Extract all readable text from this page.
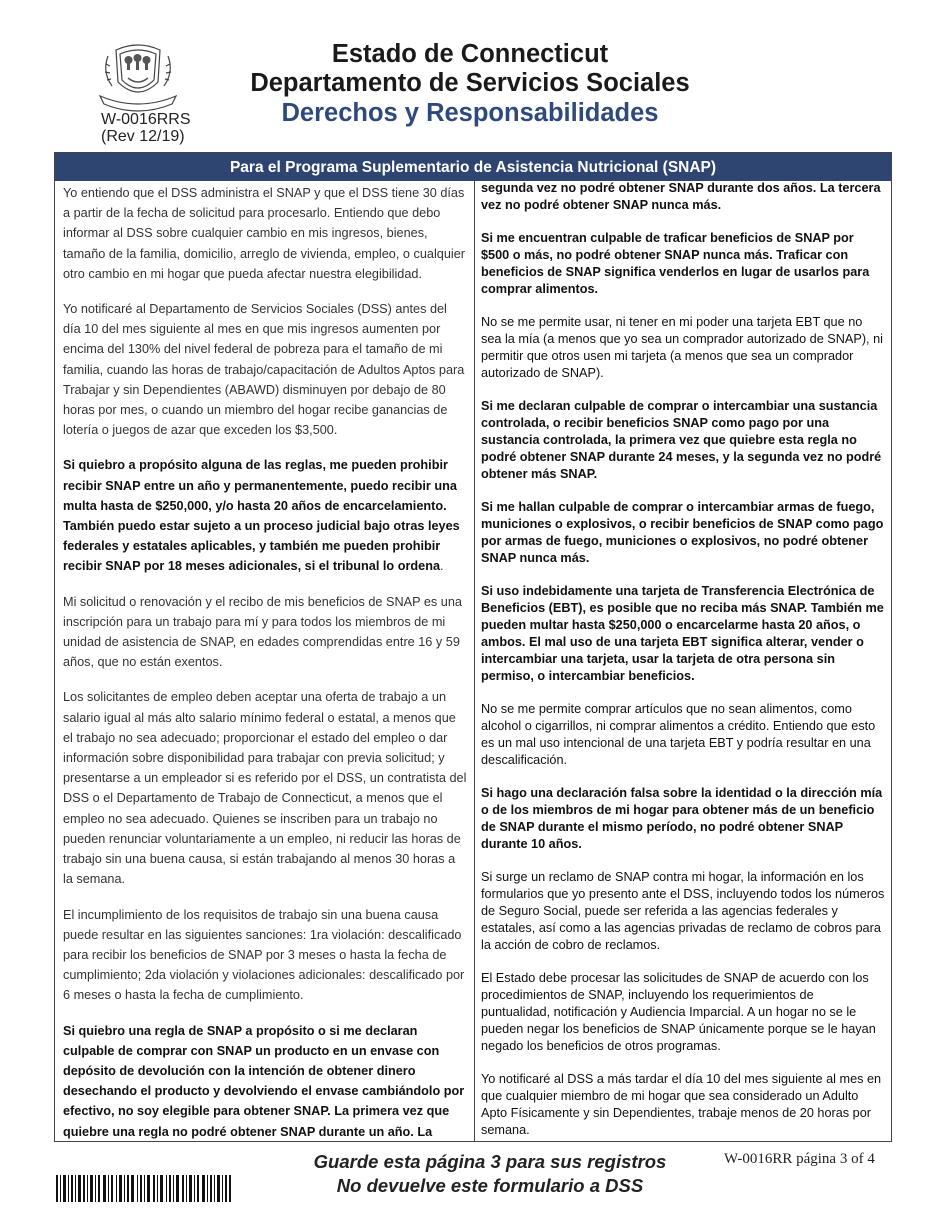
W-0016RRS
(Rev 12/19)
Estado de Connecticut
Departamento de Servicios Sociales
Derechos y Responsabilidades
Para el Programa Suplementario de Asistencia Nutricional (SNAP)

Yo entiendo que el DSS administra el SNAP y que el DSS tiene 30 días a partir de la fecha de solicitud para procesarlo. Entiendo que debo informar al DSS sobre cualquier cambio en mis ingresos, bienes, tamaño de la familia, domicilio, arreglo de vivienda, empleo, o cualquier otro cambio en mi hogar que pueda afectar nuestra elegibilidad.

Yo notificaré al Departamento de Servicios Sociales (DSS) antes del día 10 del mes siguiente al mes en que mis ingresos aumenten por encima del 130% del nivel federal de pobreza para el tamaño de mi familia, cuando las horas de trabajo/capacitación de Adultos Aptos para Trabajar y sin Dependientes (ABAWD) disminuyen por debajo de 80 horas por mes, o cuando un miembro del hogar recibe ganancias de lotería o juegos de azar que exceden los $3,500.

Si quiebro a propósito alguna de las reglas, me pueden prohibir recibir SNAP entre un año y permanentemente, puedo recibir una multa hasta de $250,000, y/o hasta 20 años de encarcelamiento. También puedo estar sujeto a un proceso judicial bajo otras leyes federales y estatales aplicables, y también me pueden prohibir recibir SNAP por 18 meses adicionales, si el tribunal lo ordena.

Mi solicitud o renovación y el recibo de mis beneficios de SNAP es una inscripción para un trabajo para mí y para todos los miembros de mi unidad de asistencia de SNAP, en edades comprendidas entre 16 y 59 años, que no están exentos.

Los solicitantes de empleo deben aceptar una oferta de trabajo a un salario igual al más alto salario mínimo federal o estatal, a menos que el trabajo no sea adecuado; proporcionar el estado del empleo o dar información sobre disponibilidad para trabajar con previa solicitud; y presentarse a un empleador si es referido por el DSS, un contratista del DSS o el Departamento de Trabajo de Connecticut, a menos que el empleo no sea adecuado. Quienes se inscriben para un trabajo no pueden renunciar voluntariamente a un empleo, ni reducir las horas de trabajo sin una buena causa, si están trabajando al menos 30 horas a la semana.

El incumplimiento de los requisitos de trabajo sin una buena causa puede resultar en las siguientes sanciones: 1ra violación: descalificado para recibir los beneficios de SNAP por 3 meses o hasta la fecha de cumplimiento; 2da violación y violaciones adicionales: descalificado por 6 meses o hasta la fecha de cumplimiento.

Si quiebro una regla de SNAP a propósito o si me declaran culpable de comprar con SNAP un producto en un envase con depósito de devolución con la intención de obtener dinero desechando el producto y devolviendo el envase cambiándolo por efectivo, no soy elegible para obtener SNAP. La primera vez que quiebre una regla no podré obtener SNAP durante un año. La

segunda vez no podré obtener SNAP durante dos años. La tercera vez no podré obtener SNAP nunca más.

Si me encuentran culpable de traficar beneficios de SNAP por $500 o más, no podré obtener SNAP nunca más. Traficar con beneficios de SNAP significa venderlos en lugar de usarlos para comprar alimentos.

No se me permite usar, ni tener en mi poder una tarjeta EBT que no sea la mía (a menos que yo sea un comprador autorizado de SNAP), ni permitir que otros usen mi tarjeta (a menos que sea un comprador autorizado de SNAP).

Si me declaran culpable de comprar o intercambiar una sustancia controlada, o recibir beneficios SNAP como pago por una sustancia controlada, la primera vez que quiebre esta regla no podré obtener SNAP durante 24 meses, y la segunda vez no podré obtener más SNAP.

Si me hallan culpable de comprar o intercambiar armas de fuego, municiones o explosivos, o recibir beneficios de SNAP como pago por armas de fuego, municiones o explosivos, no podré obtener SNAP nunca más.

Si uso indebidamente una tarjeta de Transferencia Electrónica de Beneficios (EBT), es posible que no reciba más SNAP. También me pueden multar hasta $250,000 o encarcelarme hasta 20 años, o ambos. El mal uso de una tarjeta EBT significa alterar, vender o intercambiar una tarjeta, usar la tarjeta de otra persona sin permiso, o intercambiar beneficios.

No se me permite comprar artículos que no sean alimentos, como alcohol o cigarrillos, ni comprar alimentos a crédito. Entiendo que esto es un mal uso intencional de una tarjeta EBT y podría resultar en una descalificación.

Si hago una declaración falsa sobre la identidad o la dirección mía o de los miembros de mi hogar para obtener más de un beneficio de SNAP durante el mismo período, no podré obtener SNAP durante 10 años.

Si surge un reclamo de SNAP contra mi hogar, la información en los formularios que yo presento ante el DSS, incluyendo todos los números de Seguro Social, puede ser referida a las agencias federales y estatales, así como a las agencias privadas de reclamo de cobros para la acción de cobro de reclamos.

El Estado debe procesar las solicitudes de SNAP de acuerdo con los procedimientos de SNAP, incluyendo los requerimientos de puntualidad, notificación y Audiencia Imparcial. A un hogar no se le pueden negar los beneficios de SNAP únicamente porque se le hayan negado los beneficios de otros programas.

Yo notificaré al DSS a más tardar el día 10 del mes siguiente al mes en que cualquier miembro de mi hogar que sea considerado un Adulto Apto Físicamente y sin Dependientes, trabaje menos de 20 horas por semana.

Guarde esta página 3 para sus registros
No devuelve este formulario a DSS
W-0016RR página 3 of 4
